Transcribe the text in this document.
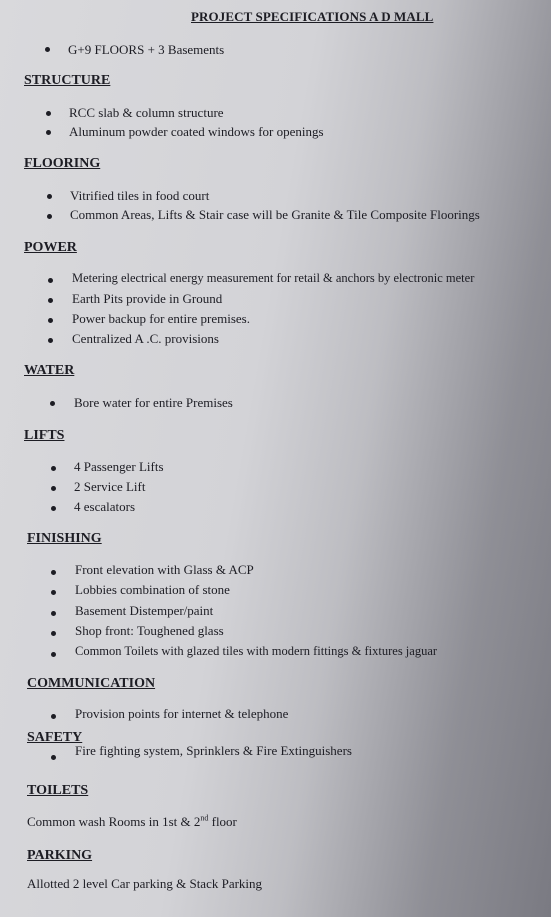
PROJECT SPECIFICATIONS A D MALL

G+9 FLOORS + 3 Basements

STRUCTURE

RCC slab & column structure

Aluminum powder coated windows for openings

FLOORING

Vitrified tiles in food court

Common Areas, Lifts & Stair case will be Granite & Tile Composite Floorings

POWER

Metering electrical energy measurement for retail & anchors by electronic meter

Earth Pits provide in Ground

Power backup for entire premises.

Centralized A .C. provisions

WATER

Bore water for entire Premises

LIFTS

4 Passenger Lifts

2 Service Lift

4 escalators

FINISHING

Front elevation with Glass & ACP

Lobbies combination of stone

Basement Distemper/paint

Shop front: Toughened glass

Common Toilets with glazed tiles with modern fittings & fixtures jaguar

COMMUNICATION

Provision points for internet & telephone

SAFETY

Fire fighting system, Sprinklers & Fire Extinguishers

TOILETS

Common wash Rooms in 1st & 2nd floor

PARKING

Allotted 2 level Car parking & Stack Parking
